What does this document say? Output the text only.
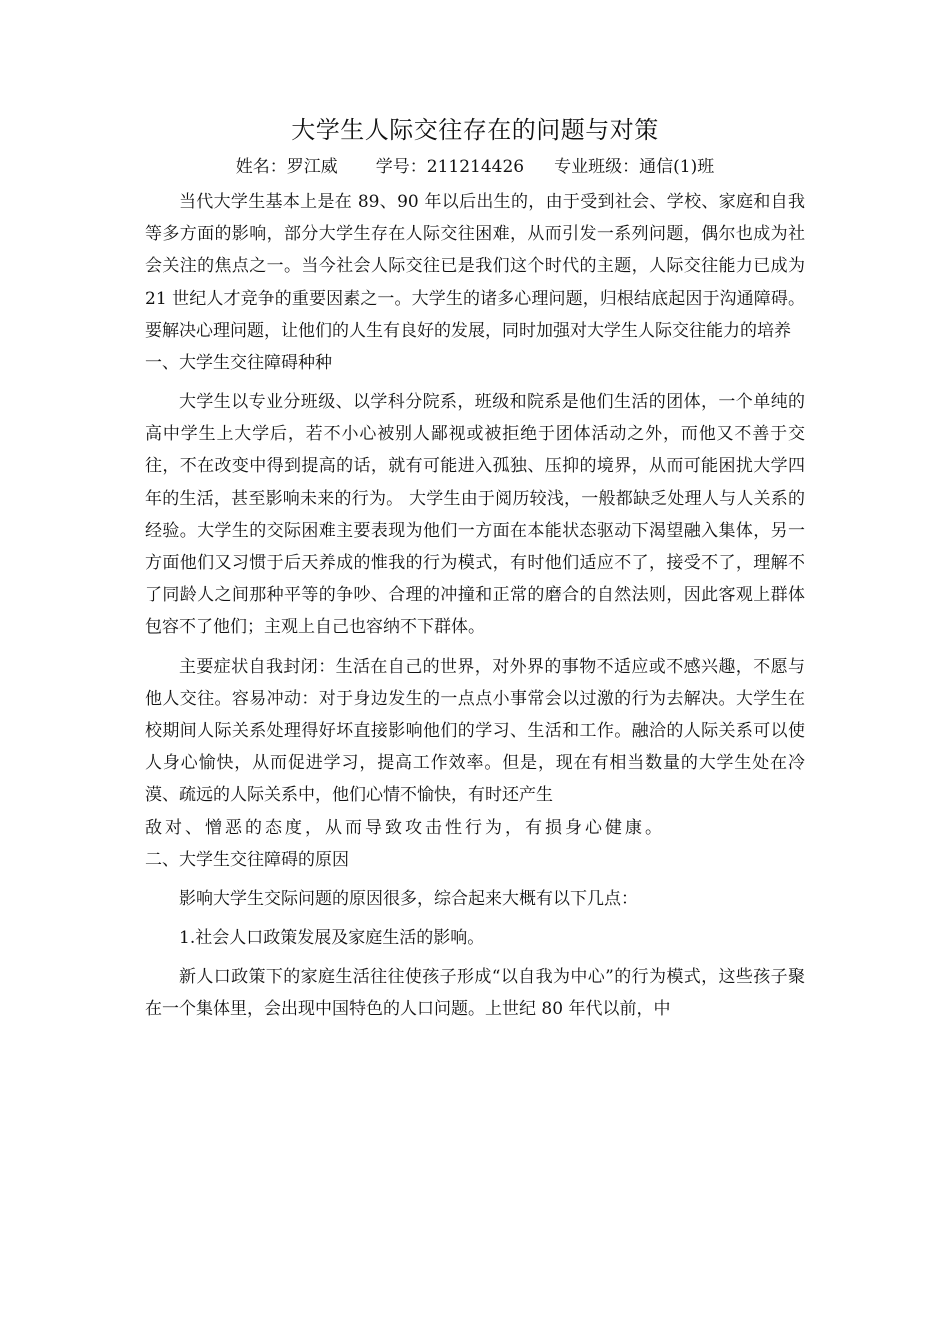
大学生人际交往存在的问题与对策
姓名：罗江威 学号：211214426 专业班级：通信(1)班

当代大学生基本上是在 89、90 年以后出生的，由于受到社会、学校、家庭和自我等多方面的影响，部分大学生存在人际交往困难，从而引发一系列问题，偶尔也成为社会关注的焦点之一。当今社会人际交往已是我们这个时代的主题，人际交往能力已成为 21 世纪人才竞争的重要因素之一。大学生的诸多心理问题，归根结底起因于沟通障碍。要解决心理问题，让他们的人生有良好的发展，同时加强对大学生人际交往能力的培养

一、大学生交往障碍种种

大学生以专业分班级、以学科分院系，班级和院系是他们生活的团体，一个单纯的高中学生上大学后，若不小心被别人鄙视或被拒绝于团体活动之外，而他又不善于交往，不在改变中得到提高的话，就有可能进入孤独、压抑的境界，从而可能困扰大学四年的生活，甚至影响未来的行为。 大学生由于阅历较浅，一般都缺乏处理人与人关系的经验。大学生的交际困难主要表现为他们一方面在本能状态驱动下渴望融入集体，另一方面他们又习惯于后天养成的惟我的行为模式，有时他们适应不了，接受不了，理解不了同龄人之间那种平等的争吵、合理的冲撞和正常的磨合的自然法则，因此客观上群体包容不了他们；主观上自己也容纳不下群体。

主要症状自我封闭：生活在自己的世界，对外界的事物不适应或不感兴趣，不愿与他人交往。容易冲动：对于身边发生的一点点小事常会以过激的行为去解决。大学生在校期间人际关系处理得好坏直接影响他们的学习、生活和工作。融洽的人际关系可以使人身心愉快，从而促进学习，提高工作效率。但是，现在有相当数量的大学生处在冷漠、疏远的人际关系中，他们心情不愉快，有时还产生

敌对、憎恶的态度，从而导致攻击性行为，有损身心健康。

二、大学生交往障碍的原因

影响大学生交际问题的原因很多，综合起来大概有以下几点：

1.社会人口政策发展及家庭生活的影响。

新人口政策下的家庭生活往往使孩子形成“以自我为中心”的行为模式，这些孩子聚在一个集体里，会出现中国特色的人口问题。上世纪 80 年代以前，中
